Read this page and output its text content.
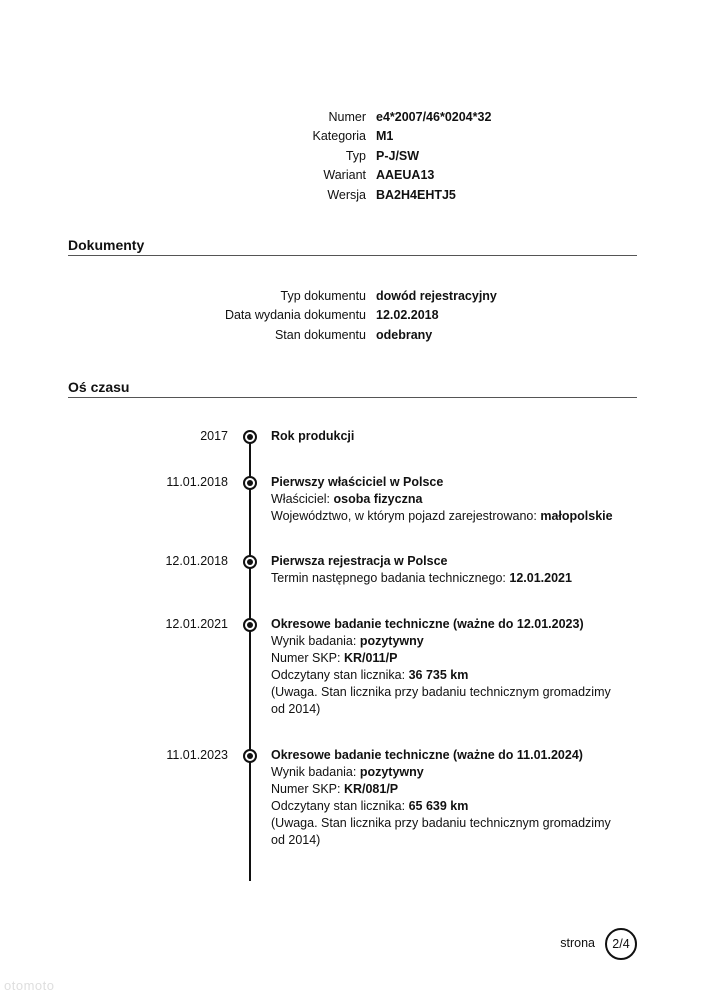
Numer e4*2007/46*0204*32
Kategoria M1
Typ P-J/SW
Wariant AAEUA13
Wersja BA2H4EHTJ5
Dokumenty
Typ dokumentu dowód rejestracyjny
Data wydania dokumentu 12.02.2018
Stan dokumentu odebrany
Oś czasu
2017	Rok produkcji
11.01.2018	Pierwszy właściciel w Polsce
Właściciel: osoba fizyczna
Województwo, w którym pojazd zarejestrowano: małopolskie
12.01.2018	Pierwsza rejestracja w Polsce
Termin następnego badania technicznego: 12.01.2021
12.01.2021	Okresowe badanie techniczne (ważne do 12.01.2023)
Wynik badania: pozytywny
Numer SKP: KR/011/P
Odczytany stan licznika: 36 735 km
(Uwaga. Stan licznika przy badaniu technicznym gromadzimy od 2014)
11.01.2023	Okresowe badanie techniczne (ważne do 11.01.2024)
Wynik badania: pozytywny
Numer SKP: KR/081/P
Odczytany stan licznika: 65 639 km
(Uwaga. Stan licznika przy badaniu technicznym gromadzimy od 2014)
strona	2/4
otomoto
